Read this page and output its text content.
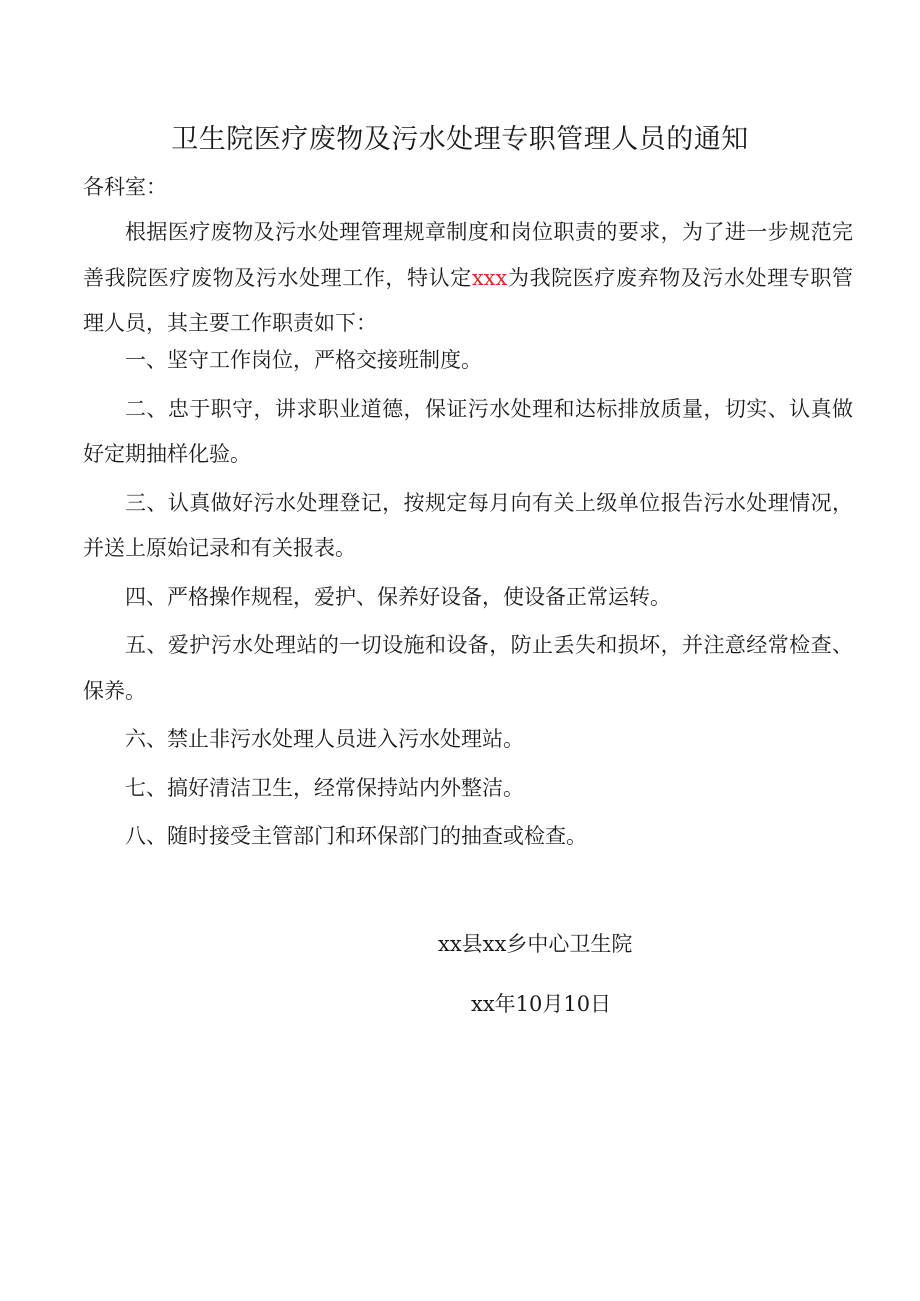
卫生院医疗废物及污水处理专职管理人员的通知

各科室：

根据医疗废物及污水处理管理规章制度和岗位职责的要求，为了进一步规范完善我院医疗废物及污水处理工作，特认定xxx为我院医疗废弃物及污水处理专职管理人员，其主要工作职责如下：

一、坚守工作岗位，严格交接班制度。
二、忠于职守，讲求职业道德，保证污水处理和达标排放质量，切实、认真做好定期抽样化验。
三、认真做好污水处理登记，按规定每月向有关上级单位报告污水处理情况，并送上原始记录和有关报表。
四、严格操作规程，爱护、保养好设备，使设备正常运转。
五、爱护污水处理站的一切设施和设备，防止丢失和损坏，并注意经常检查、保养。
六、禁止非污水处理人员进入污水处理站。
七、搞好清洁卫生，经常保持站内外整洁。
八、随时接受主管部门和环保部门的抽查或检查。
xx县xx乡中心卫生院
xx年10月10日
